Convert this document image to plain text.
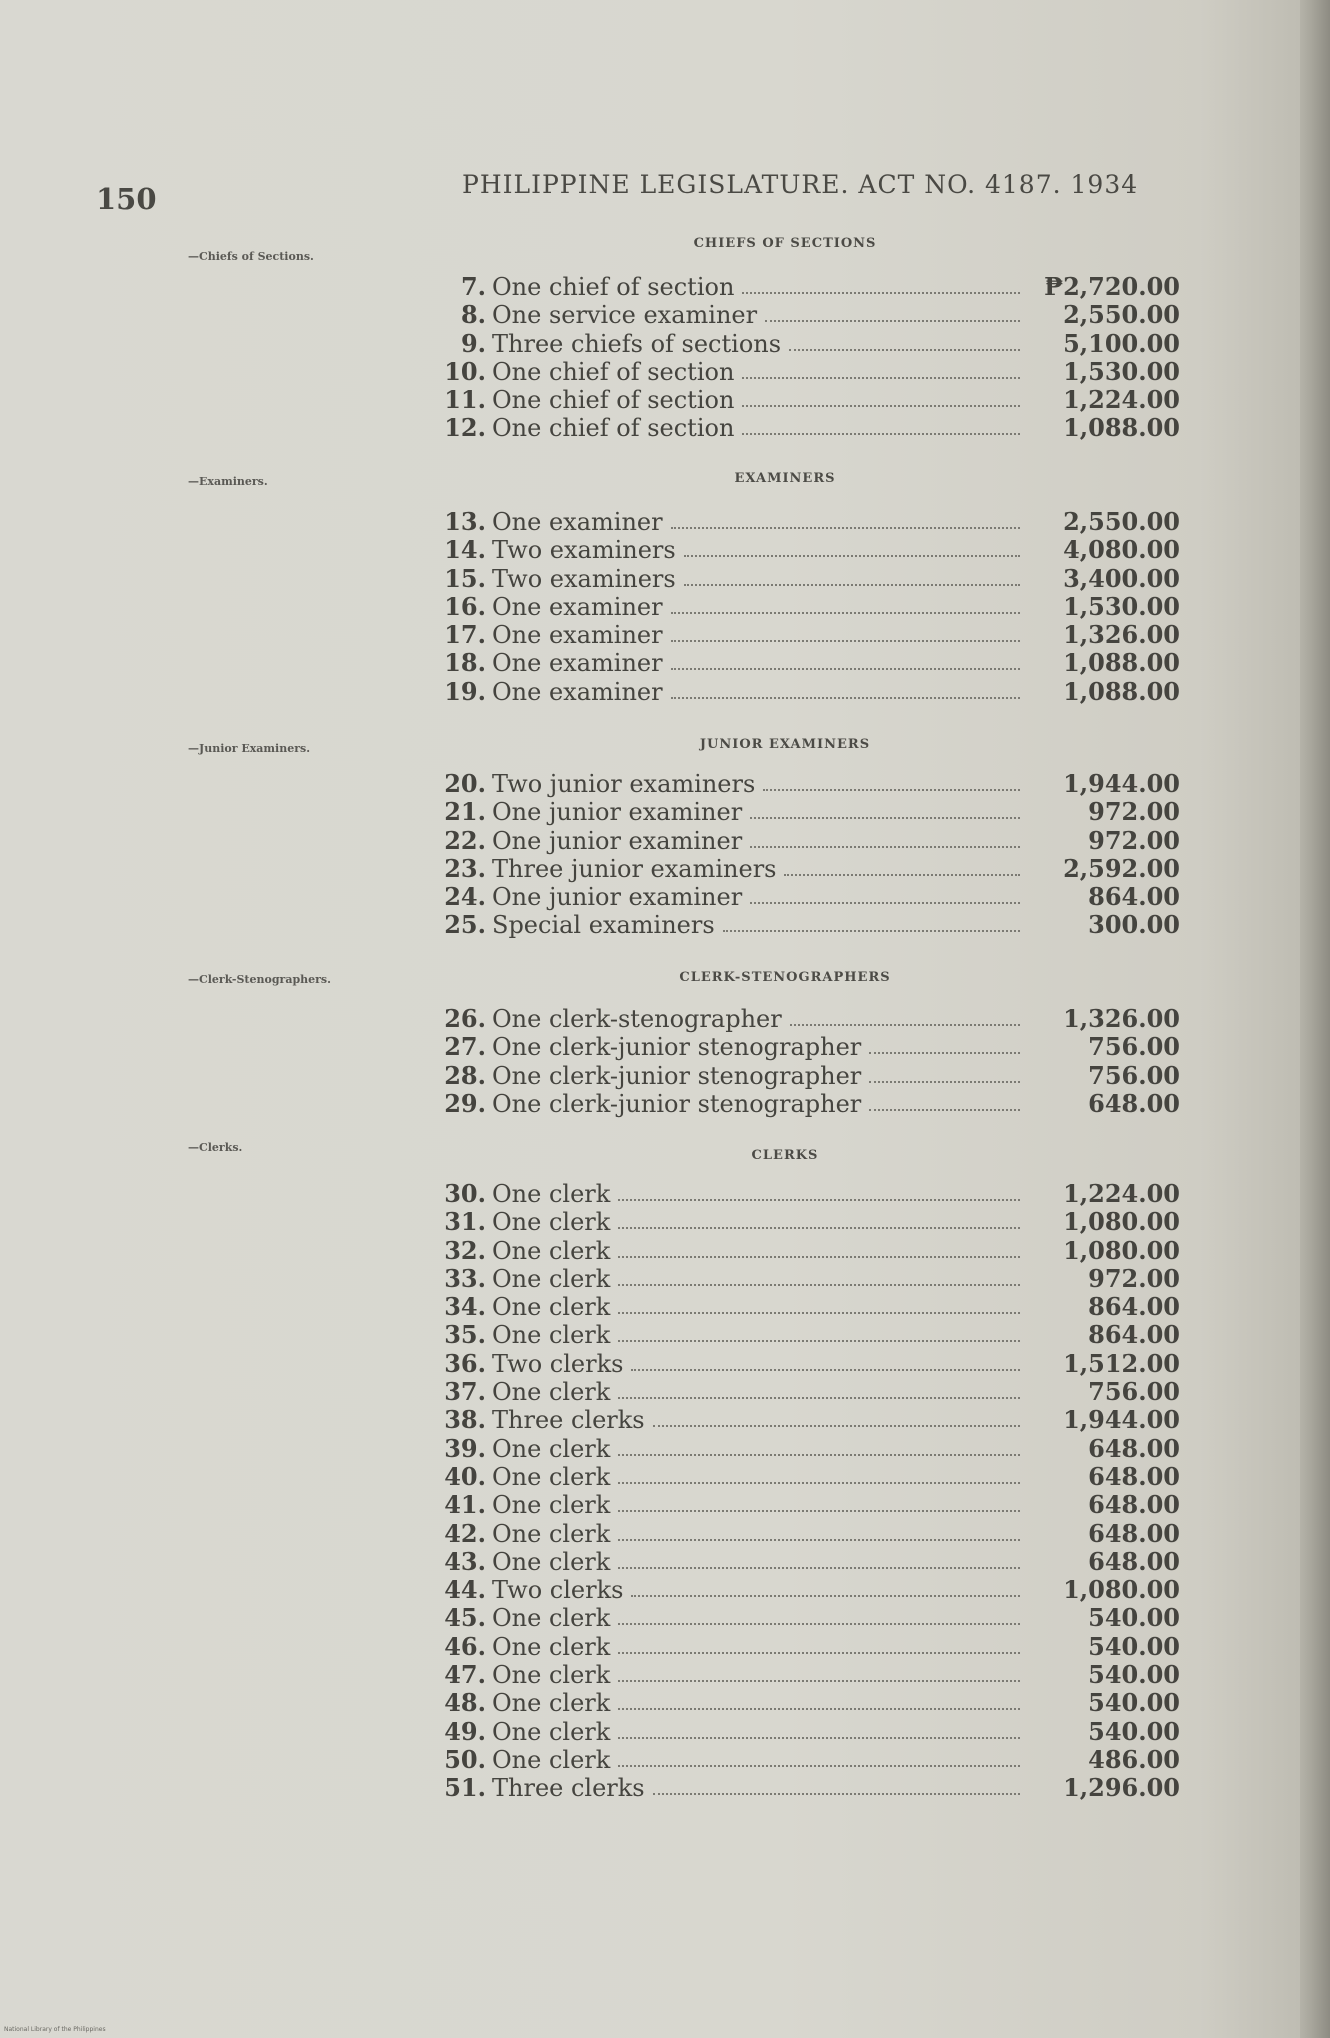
150	PHILIPPINE LEGISLATURE. ACT NO. 4187. 1934
—Chiefs of Sections.
CHIEFS OF SECTIONS
7. One chief of section	₱2,720.00
8. One service examiner	2,550.00
9. Three chiefs of sections	5,100.00
10. One chief of section	1,530.00
11. One chief of section	1,224.00
12. One chief of section	1,088.00
—Examiners.	EXAMINERS
13. One examiner	2,550.00
14. Two examiners	4,080.00
15. Two examiners	3,400.00
16. One examiner	1,530.00
17. One examiner	1,326.00
18. One examiner	1,088.00
19. One examiner	1,088.00
—Junior Examiners.	JUNIOR EXAMINERS
20. Two junior examiners	1,944.00
21. One junior examiner	972.00
22. One junior examiner	972.00
23. Three junior examiners	2,592.00
24. One junior examiner	864.00
25. Special examiners	300.00
—Clerk-Stenographers.	CLERK-STENOGRAPHERS
26. One clerk-stenographer	1,326.00
27. One clerk-junior stenographer	756.00
28. One clerk-junior stenographer	756.00
29. One clerk-junior stenographer	648.00
—Clerks.
CLERKS
30. One clerk	1,224.00
31. One clerk	1,080.00
32. One clerk	1,080.00
33. One clerk	972.00
34. One clerk	864.00
35. One clerk	864.00
36. Two clerks	1,512.00
37. One clerk	756.00
38. Three clerks	1,944.00
39. One clerk	648.00
40. One clerk	648.00
41. One clerk	648.00
42. One clerk	648.00
43. One clerk	648.00
44. Two clerks	1,080.00
45. One clerk	540.00
46. One clerk	540.00
47. One clerk	540.00
48. One clerk	540.00
49. One clerk	540.00
50. One clerk	486.00
51. Three clerks	1,296.00
National Library of the Philippines
